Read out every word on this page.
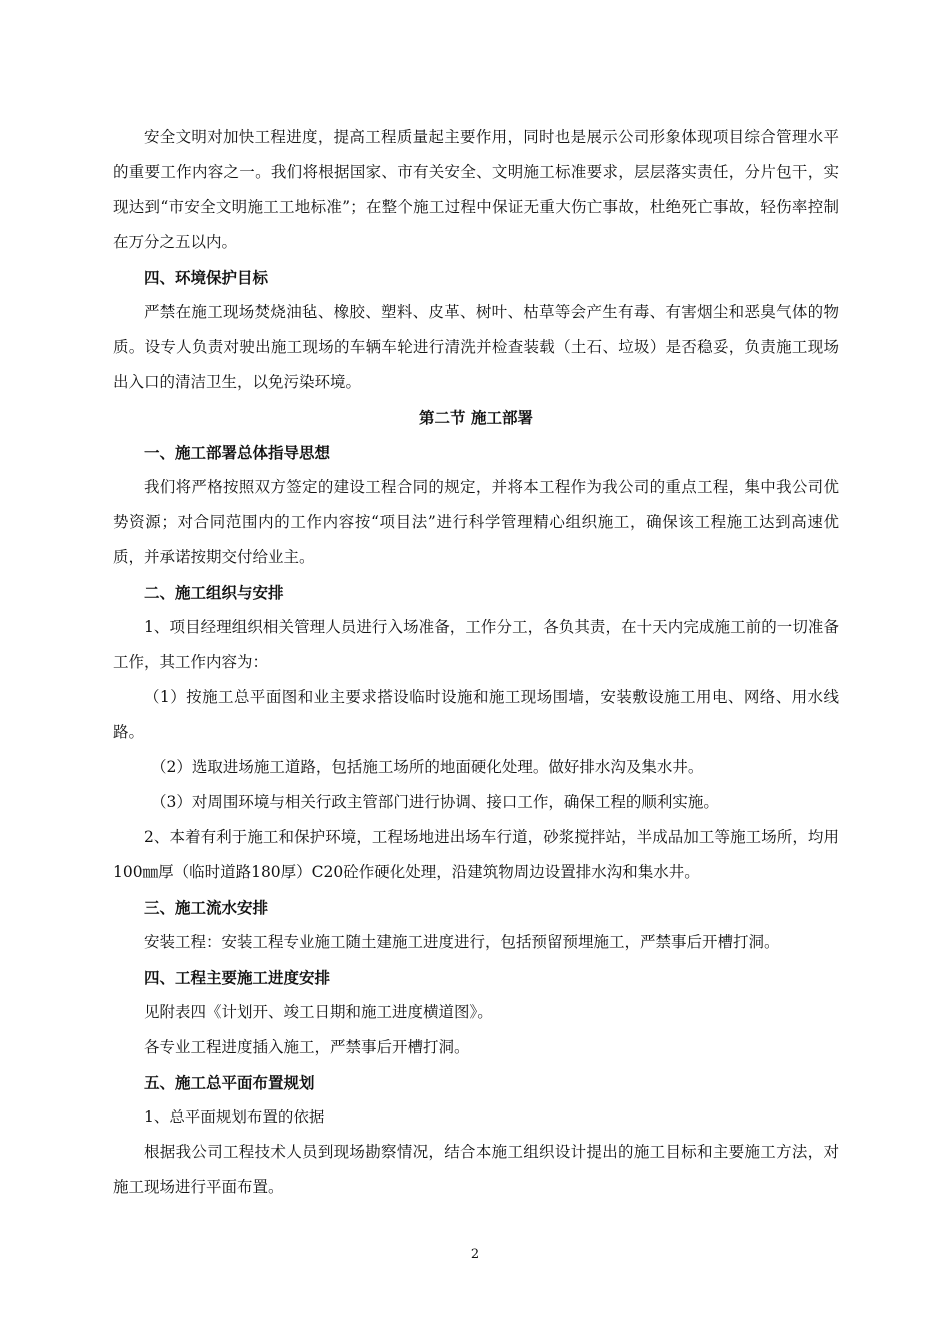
安全文明对加快工程进度，提高工程质量起主要作用，同时也是展示公司形象体现项目综合管理水平的重要工作内容之一。我们将根据国家、市有关安全、文明施工标准要求，层层落实责任，分片包干，实现达到“市安全文明施工工地标准”；在整个施工过程中保证无重大伤亡事故，杜绝死亡事故，轻伤率控制在万分之五以内。

四、环境保护目标

严禁在施工现场焚烧油毡、橡胶、塑料、皮革、树叶、枯草等会产生有毒、有害烟尘和恶臭气体的物质。设专人负责对驶出施工现场的车辆车轮进行清洗并检查装载（土石、垃圾）是否稳妥，负责施工现场出入口的清洁卫生，以免污染环境。

第二节 施工部署

一、施工部署总体指导思想

我们将严格按照双方签定的建设工程合同的规定，并将本工程作为我公司的重点工程，集中我公司优势资源；对合同范围内的工作内容按“项目法”进行科学管理精心组织施工，确保该工程施工达到高速优质，并承诺按期交付给业主。

二、施工组织与安排

1、项目经理组织相关管理人员进行入场准备，工作分工，各负其责，在十天内完成施工前的一切准备工作，其工作内容为：

（1）按施工总平面图和业主要求搭设临时设施和施工现场围墙，安装敷设施工用电、网络、用水线路。

（2）选取进场施工道路，包括施工场所的地面硬化处理。做好排水沟及集水井。

（3）对周围环境与相关行政主管部门进行协调、接口工作，确保工程的顺利实施。

2、本着有利于施工和保护环境，工程场地进出场车行道，砂浆搅拌站，半成品加工等施工场所，均用100㎜厚（临时道路180厚）C20砼作硬化处理，沿建筑物周边设置排水沟和集水井。

三、施工流水安排

安装工程：安装工程专业施工随土建施工进度进行，包括预留预埋施工，严禁事后开槽打洞。

四、工程主要施工进度安排

见附表四《计划开、竣工日期和施工进度横道图》。

各专业工程进度插入施工，严禁事后开槽打洞。

五、施工总平面布置规划

1、总平面规划布置的依据

根据我公司工程技术人员到现场勘察情况，结合本施工组织设计提出的施工目标和主要施工方法，对施工现场进行平面布置。

2
